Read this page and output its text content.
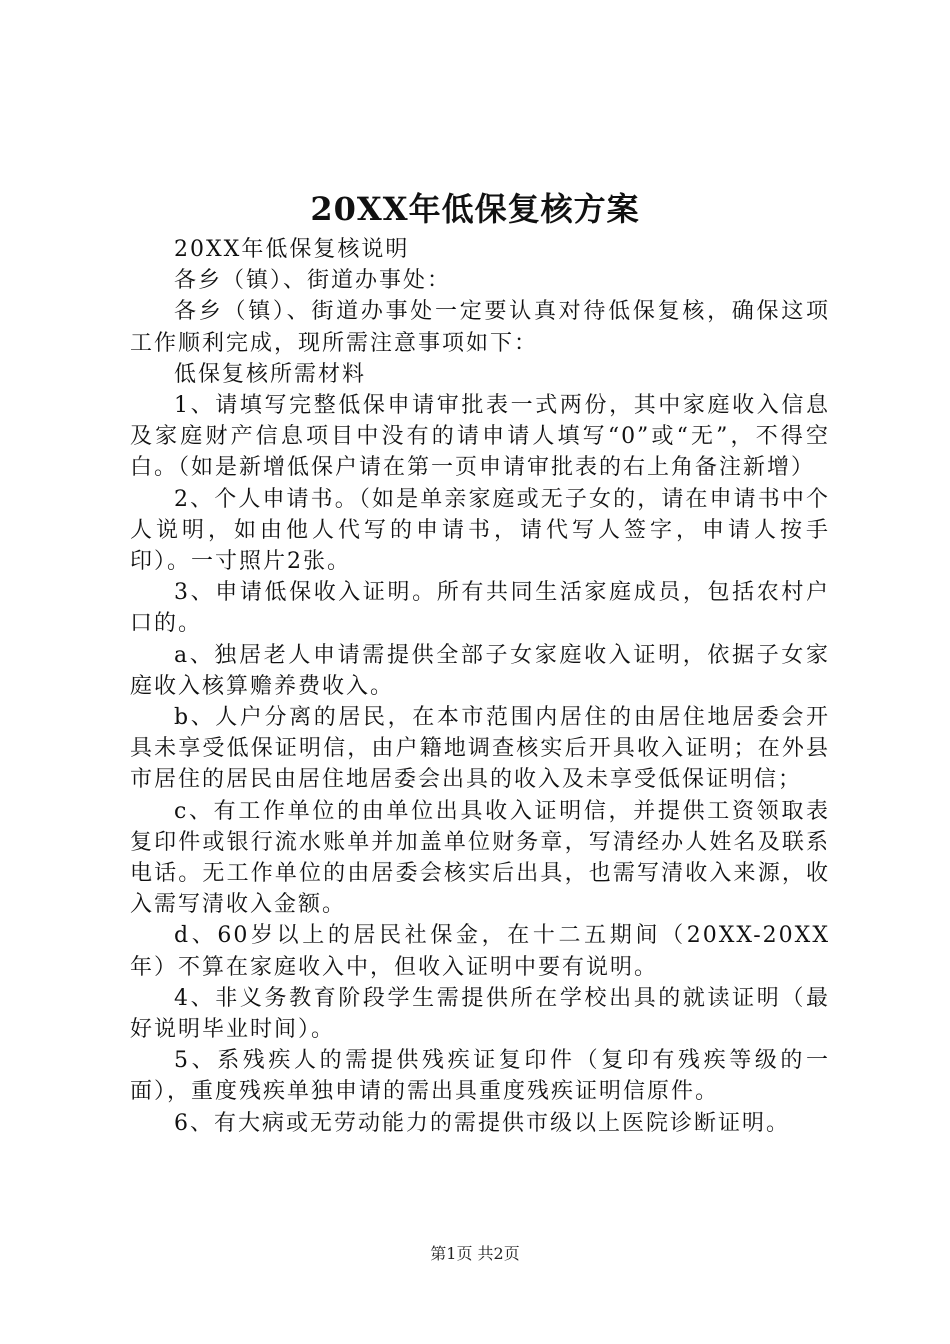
20XX年低保复核方案

20XX年低保复核说明

各乡（镇）、街道办事处：

各乡（镇）、街道办事处一定要认真对待低保复核，确保这项工作顺利完成，现所需注意事项如下：

低保复核所需材料

1、请填写完整低保申请审批表一式两份，其中家庭收入信息及家庭财产信息项目中没有的请申请人填写“0”或“无”，不得空白。（如是新增低保户请在第一页申请审批表的右上角备注新增）

2、个人申请书。（如是单亲家庭或无子女的，请在申请书中个人说明，如由他人代写的申请书，请代写人签字，申请人按手印）。一寸照片2张。

3、申请低保收入证明。所有共同生活家庭成员，包括农村户口的。

a、独居老人申请需提供全部子女家庭收入证明，依据子女家庭收入核算赡养费收入。

b、人户分离的居民，在本市范围内居住的由居住地居委会开具未享受低保证明信，由户籍地调查核实后开具收入证明；在外县市居住的居民由居住地居委会出具的收入及未享受低保证明信；

c、有工作单位的由单位出具收入证明信，并提供工资领取表复印件或银行流水账单并加盖单位财务章，写清经办人姓名及联系电话。无工作单位的由居委会核实后出具，也需写清收入来源，收入需写清收入金额。

d、60岁以上的居民社保金，在十二五期间（20XX-20XX年）不算在家庭收入中，但收入证明中要有说明。

4、非义务教育阶段学生需提供所在学校出具的就读证明（最好说明毕业时间）。

5、系残疾人的需提供残疾证复印件（复印有残疾等级的一面），重度残疾单独申请的需出具重度残疾证明信原件。

6、有大病或无劳动能力的需提供市级以上医院诊断证明。

第1页 共2页
